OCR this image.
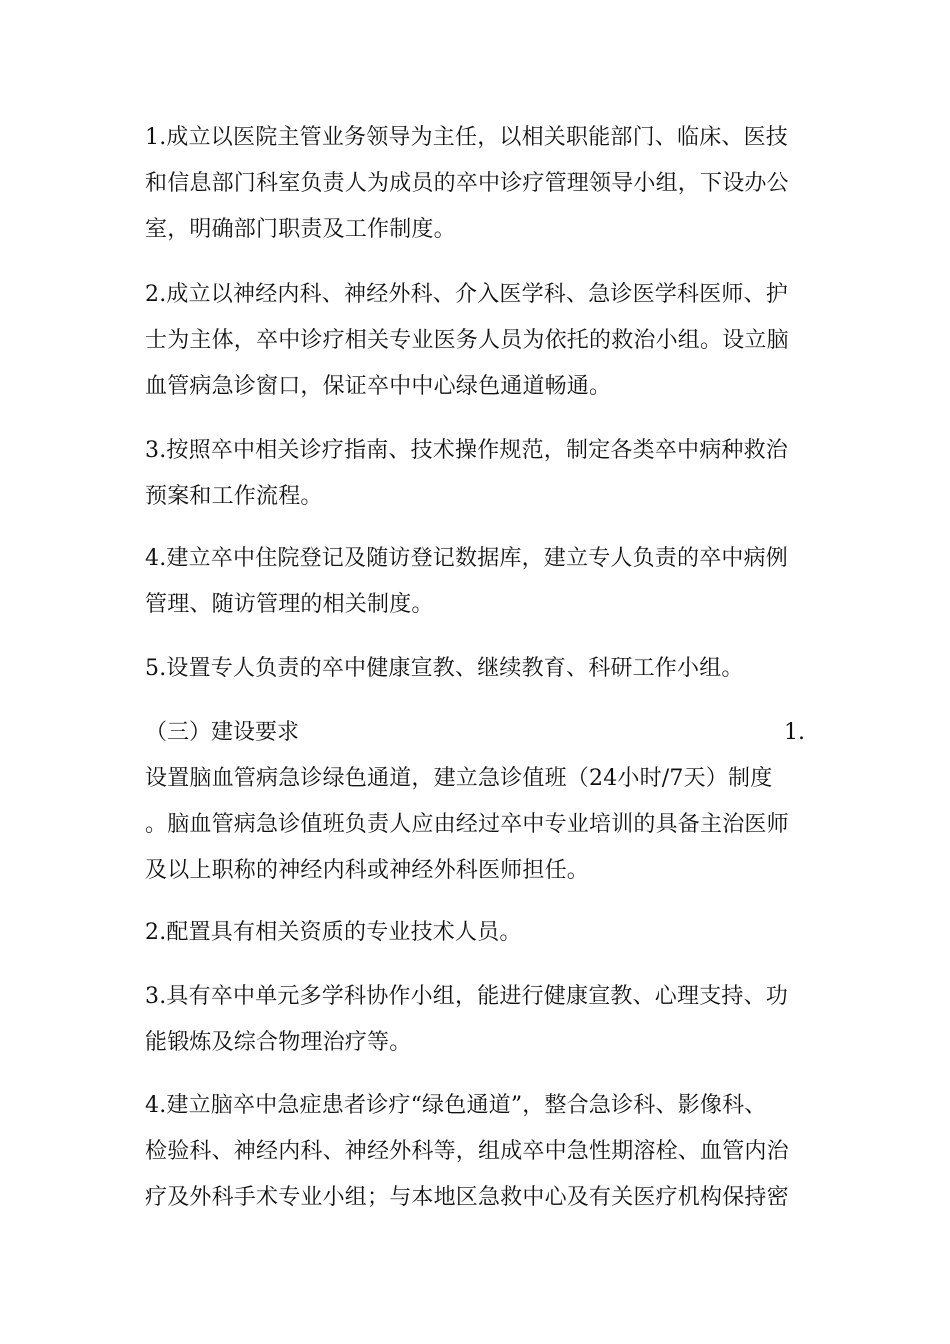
1.成立以医院主管业务领导为主任，以相关职能部门、临床、医技
和信息部门科室负责人为成员的卒中诊疗管理领导小组，下设办公
室，明确部门职责及工作制度。
2.成立以神经内科、神经外科、介入医学科、急诊医学科医师、护
士为主体，卒中诊疗相关专业医务人员为依托的救治小组。设立脑
血管病急诊窗口，保证卒中中心绿色通道畅通。
3.按照卒中相关诊疗指南、技术操作规范，制定各类卒中病种救治
预案和工作流程。
4.建立卒中住院登记及随访登记数据库，建立专人负责的卒中病例
管理、随访管理的相关制度。
5.设置专人负责的卒中健康宣教、继续教育、科研工作小组。
（三）建设要求	1.
设置脑血管病急诊绿色通道，建立急诊值班（24小时/7天）制度
。脑血管病急诊值班负责人应由经过卒中专业培训的具备主治医师
及以上职称的神经内科或神经外科医师担任。
2.配置具有相关资质的专业技术人员。
3.具有卒中单元多学科协作小组，能进行健康宣教、心理支持、功
能锻炼及综合物理治疗等。
4.建立脑卒中急症患者诊疗“绿色通道”，整合急诊科、影像科、
检验科、神经内科、神经外科等，组成卒中急性期溶栓、血管内治
疗及外科手术专业小组；与本地区急救中心及有关医疗机构保持密
